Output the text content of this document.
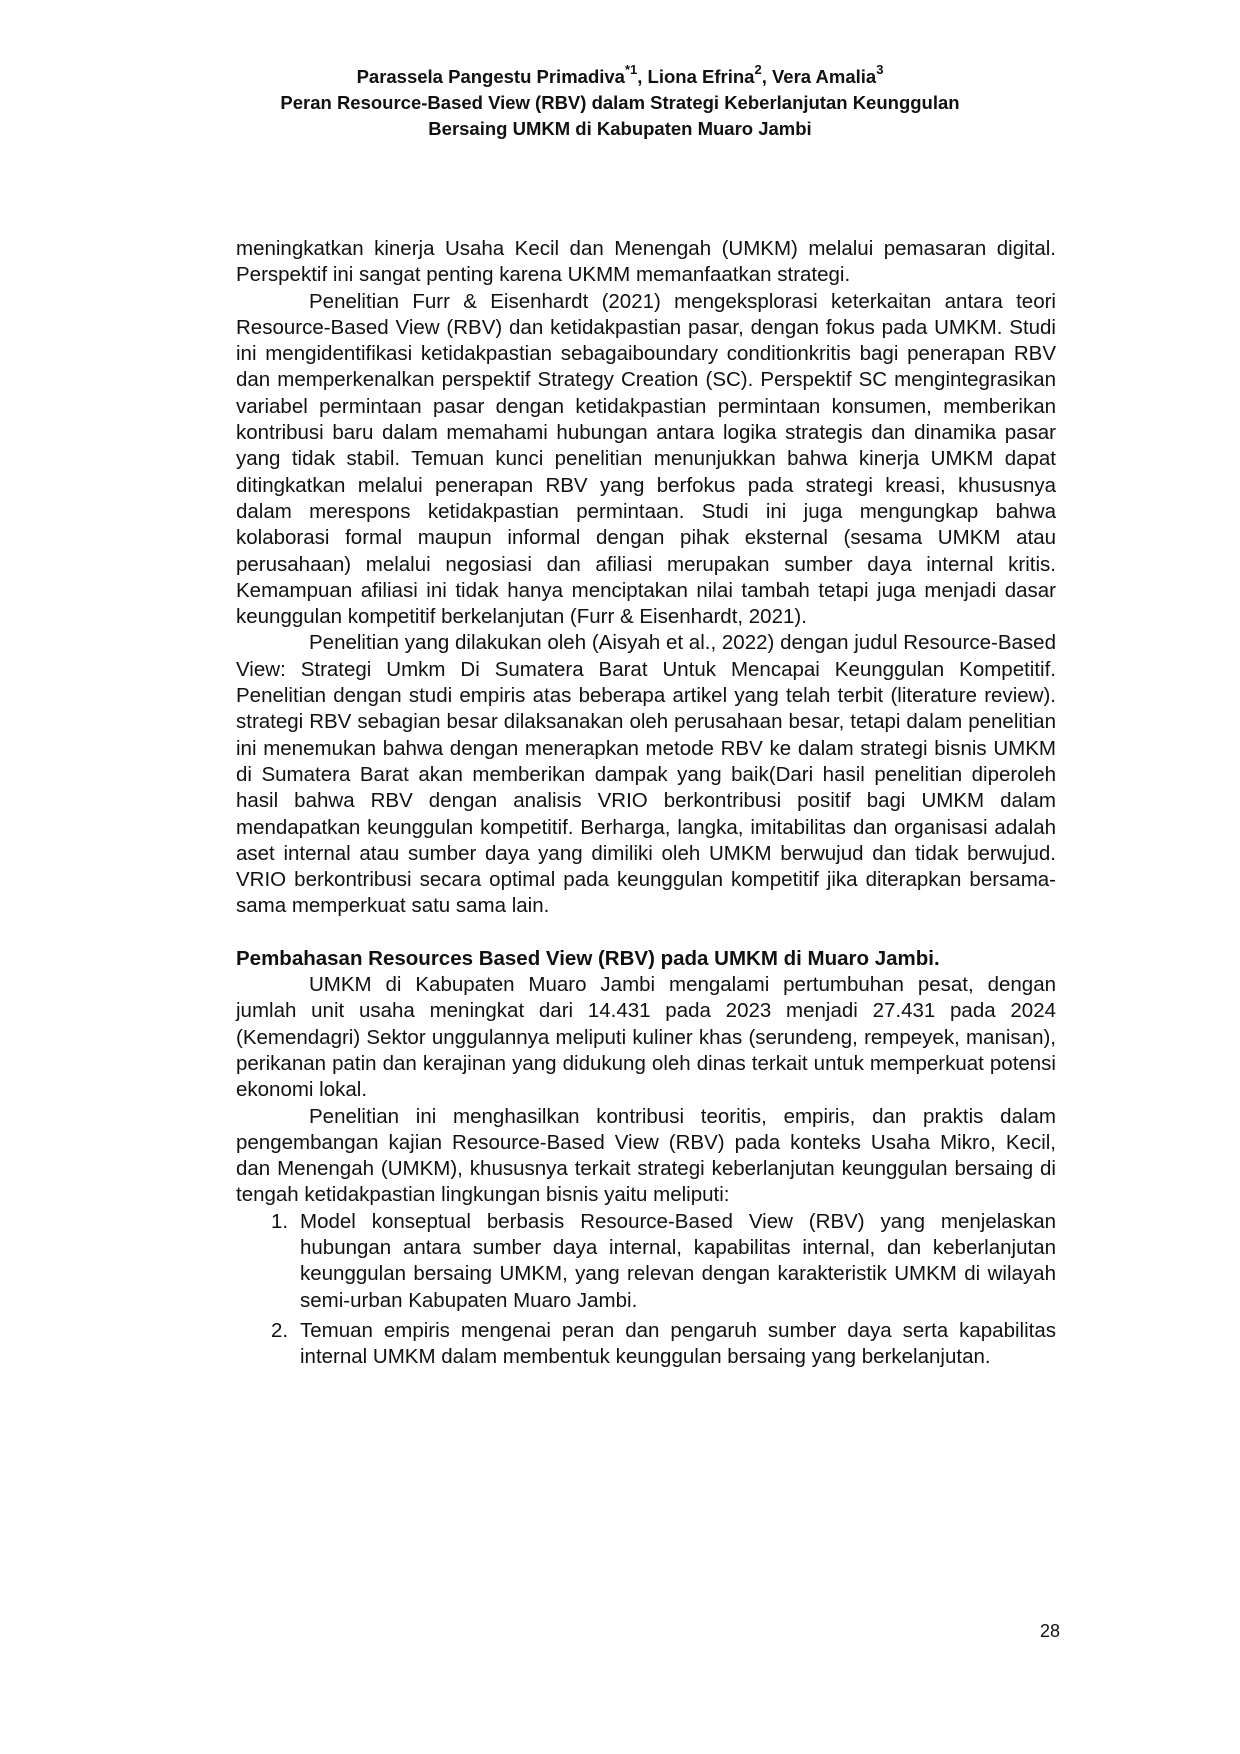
Parassela Pangestu Primadiva$^{*1}$, Liona Efrina$^2$, Vera Amalia$^3$
Peran Resource-Based View (RBV) dalam Strategi Keberlanjutan Keunggulan
Bersaing UMKM di Kabupaten Muaro Jambi

meningkatkan kinerja Usaha Kecil dan Menengah (UMKM) melalui pemasaran digital. Perspektif ini sangat penting karena UKMM memanfaatkan strategi.

Penelitian Furr & Eisenhardt (2021) mengeksplorasi keterkaitan antara teori Resource-Based View (RBV) dan ketidakpastian pasar, dengan fokus pada UMKM. Studi ini mengidentifikasi ketidakpastian sebagaiboundary conditionkritis bagi penerapan RBV dan memperkenalkan perspektif Strategy Creation (SC). Perspektif SC mengintegrasikan variabel permintaan pasar dengan ketidakpastian permintaan konsumen, memberikan kontribusi baru dalam memahami hubungan antara logika strategis dan dinamika pasar yang tidak stabil. Temuan kunci penelitian menunjukkan bahwa kinerja UMKM dapat ditingkatkan melalui penerapan RBV yang berfokus pada strategi kreasi, khususnya dalam merespons ketidakpastian permintaan. Studi ini juga mengungkap bahwa kolaborasi formal maupun informal dengan pihak eksternal (sesama UMKM atau perusahaan) melalui negosiasi dan afiliasi merupakan sumber daya internal kritis. Kemampuan afiliasi ini tidak hanya menciptakan nilai tambah tetapi juga menjadi dasar keunggulan kompetitif berkelanjutan (Furr & Eisenhardt, 2021).

Penelitian yang dilakukan oleh (Aisyah et al., 2022) dengan judul Resource-Based View: Strategi Umkm Di Sumatera Barat Untuk Mencapai Keunggulan Kompetitif. Penelitian dengan studi empiris atas beberapa artikel yang telah terbit (literature review). strategi RBV sebagian besar dilaksanakan oleh perusahaan besar, tetapi dalam penelitian ini menemukan bahwa dengan menerapkan metode RBV ke dalam strategi bisnis UMKM di Sumatera Barat akan memberikan dampak yang baik(Dari hasil penelitian diperoleh hasil bahwa RBV dengan analisis VRIO berkontribusi positif bagi UMKM dalam mendapatkan keunggulan kompetitif. Berharga, langka, imitabilitas dan organisasi adalah aset internal atau sumber daya yang dimiliki oleh UMKM berwujud dan tidak berwujud. VRIO berkontribusi secara optimal pada keunggulan kompetitif jika diterapkan bersama-sama memperkuat satu sama lain.

Pembahasan Resources Based View (RBV) pada UMKM di Muaro Jambi.

UMKM di Kabupaten Muaro Jambi mengalami pertumbuhan pesat, dengan jumlah unit usaha meningkat dari 14.431 pada 2023 menjadi 27.431 pada 2024 (Kemendagri) Sektor unggulannya meliputi kuliner khas (serundeng, rempeyek, manisan), perikanan patin dan kerajinan yang didukung oleh dinas terkait untuk memperkuat potensi ekonomi lokal.

Penelitian ini menghasilkan kontribusi teoritis, empiris, dan praktis dalam pengembangan kajian Resource-Based View (RBV) pada konteks Usaha Mikro, Kecil, dan Menengah (UMKM), khususnya terkait strategi keberlanjutan keunggulan bersaing di tengah ketidakpastian lingkungan bisnis yaitu meliputi:

1. Model konseptual berbasis Resource-Based View (RBV) yang menjelaskan hubungan antara sumber daya internal, kapabilitas internal, dan keberlanjutan keunggulan bersaing UMKM, yang relevan dengan karakteristik UMKM di wilayah semi-urban Kabupaten Muaro Jambi.
2. Temuan empiris mengenai peran dan pengaruh sumber daya serta kapabilitas internal UMKM dalam membentuk keunggulan bersaing yang berkelanjutan.
28
